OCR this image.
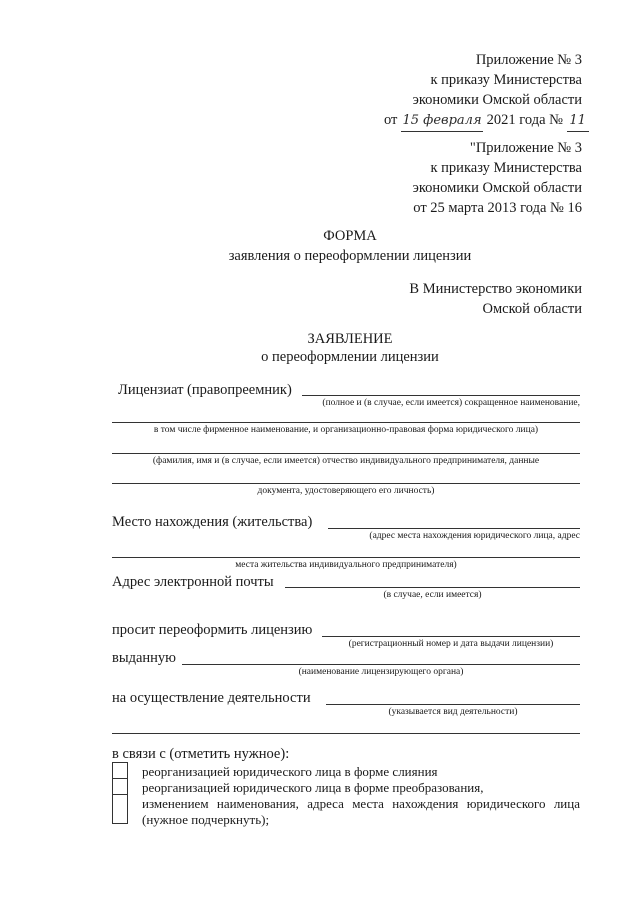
Приложение № 3
к приказу Министерства
экономики Омской области
от 15 февраля 2021 года № 11
"Приложение № 3
к приказу Министерства
экономики Омской области
от 25 марта 2013 года № 16
ФОРМА
заявления о переоформлении лицензии
В Министерство экономики
Омской области
ЗАЯВЛЕНИЕ
о переоформлении лицензии
Лицензиат (правопреемник)
(полное и (в случае, если имеется) сокращенное наименование,
в том числе фирменное наименование, и организационно-правовая форма юридического лица)
(фамилия, имя и (в случае, если имеется) отчество индивидуального предпринимателя, данные
документа, удостоверяющего его личность)
Место нахождения (жительства)
(адрес места нахождения юридического лица, адрес
места жительства индивидуального предпринимателя)
Адрес электронной почты
(в случае, если имеется)
просит переоформить лицензию
(регистрационный номер и дата выдачи лицензии)
выданную
(наименование лицензирующего органа)
на осуществление деятельности
(указывается вид деятельности)
в связи с (отметить нужное):
реорганизацией юридического лица в форме слияния
реорганизацией юридического лица в форме преобразования,
изменением наименования, адреса места нахождения юридического лица
(нужное подчеркнуть);
